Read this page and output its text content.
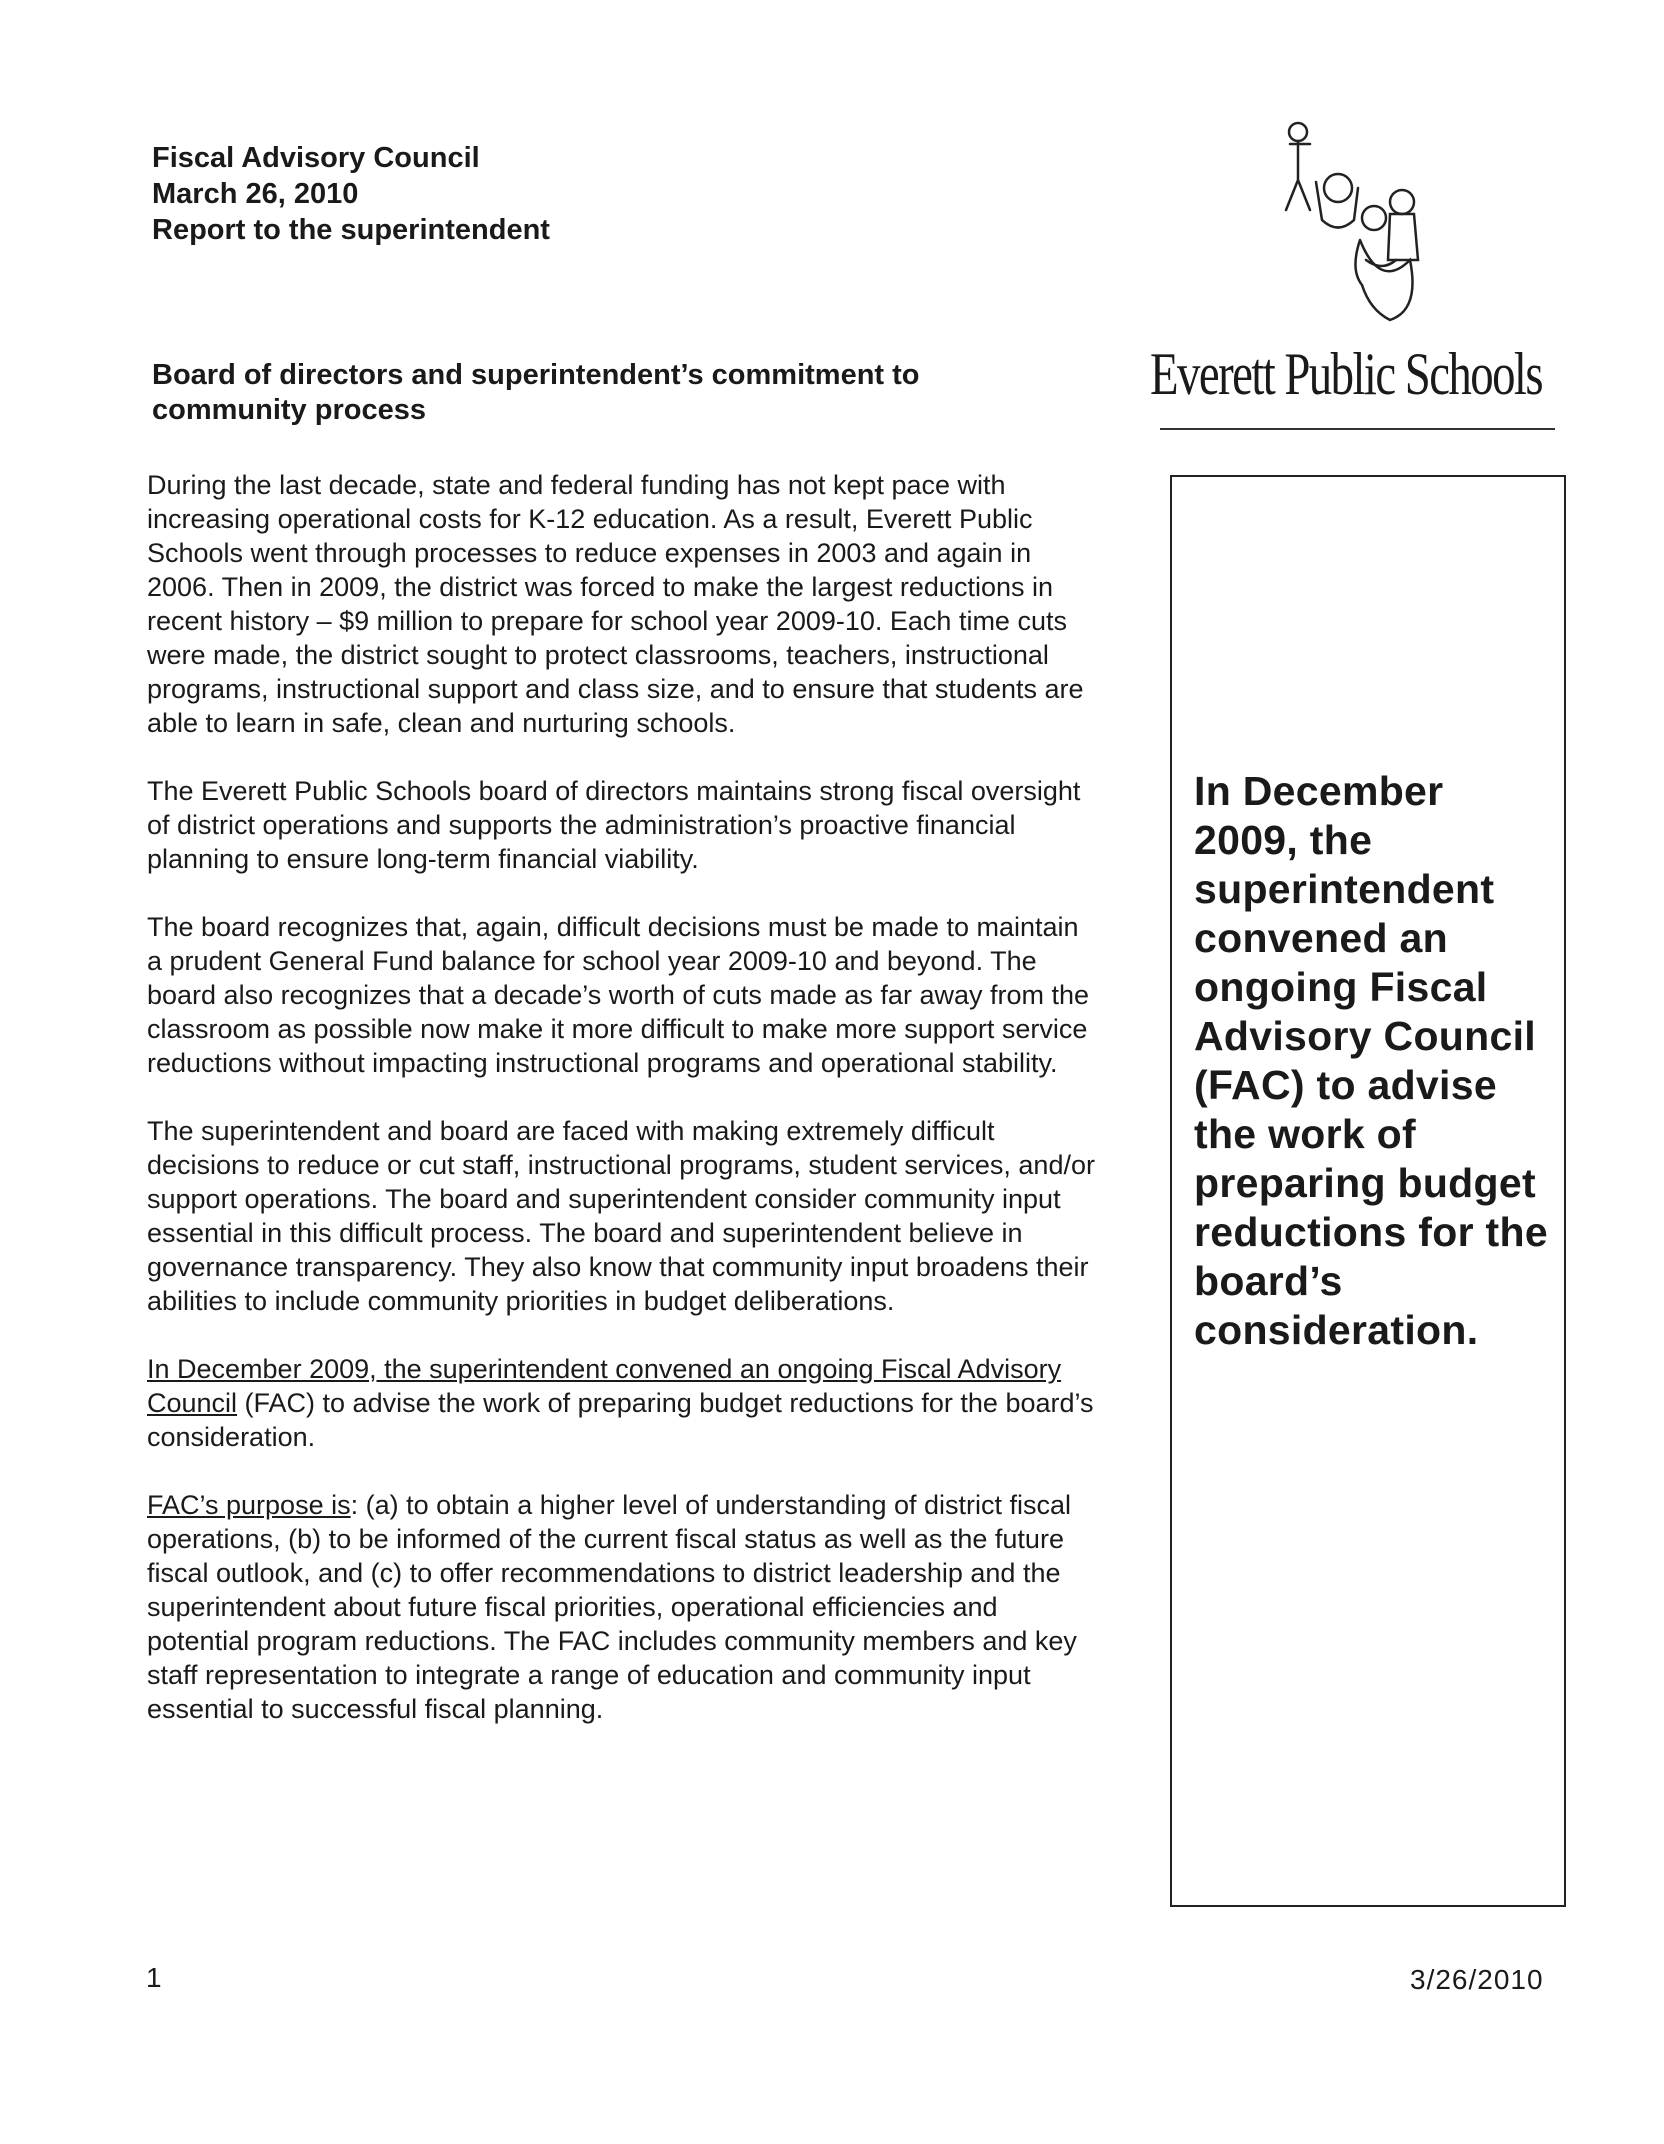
Fiscal Advisory Council
March 26, 2010
Report to the superintendent
Board of directors and superintendent’s commitment to
community process

During the last decade, state and federal funding has not kept pace with increasing operational costs for K-12 education. As a result, Everett Public Schools went through processes to reduce expenses in 2003 and again in 2006. Then in 2009, the district was forced to make the largest reductions in recent history – $9 million to prepare for school year 2009-10. Each time cuts were made, the district sought to protect classrooms, teachers, instructional programs, instructional support and class size, and to ensure that students are able to learn in safe, clean and nurturing schools.

The Everett Public Schools board of directors maintains strong fiscal oversight of district operations and supports the administration’s proactive financial planning to ensure long-term financial viability.

The board recognizes that, again, difficult decisions must be made to maintain a prudent General Fund balance for school year 2009-10 and beyond. The board also recognizes that a decade’s worth of cuts made as far away from the classroom as possible now make it more difficult to make more support service reductions without impacting instructional programs and operational stability.

The superintendent and board are faced with making extremely difficult decisions to reduce or cut staff, instructional programs, student services, and/or support operations. The board and superintendent consider community input essential in this difficult process. The board and superintendent believe in governance transparency. They also know that community input broadens their abilities to include community priorities in budget deliberations.

In December 2009, the superintendent convened an ongoing Fiscal Advisory Council (FAC) to advise the work of preparing budget reductions for the board’s consideration.

FAC’s purpose is: (a) to obtain a higher level of understanding of district fiscal operations, (b) to be informed of the current fiscal status as well as the future fiscal outlook, and (c) to offer recommendations to district leadership and the superintendent about future fiscal priorities, operational efficiencies and potential program reductions. The FAC includes community members and key staff representation to integrate a range of education and community input essential to successful fiscal planning.

Everett Public Schools
In December 2009, the superintendent convened an ongoing Fiscal Advisory Council (FAC) to advise the work of preparing budget reductions for the board’s consideration.
1	3/26/2010
